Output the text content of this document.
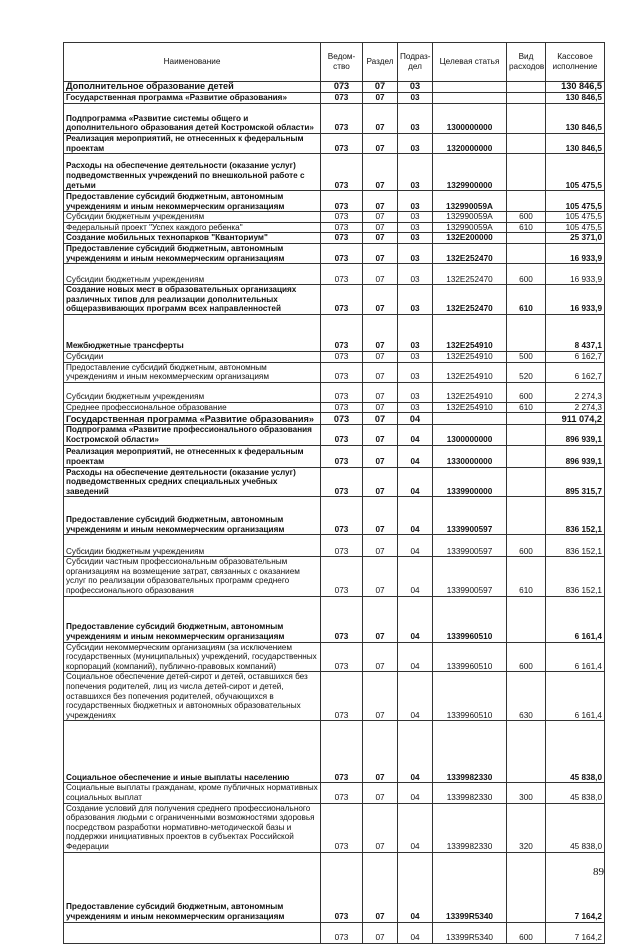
Наименование	Ведом-ство	Раздел	Подраз-дел	Целевая статья	Вид расходов	Кассовое исполнение
Дополнительное образование детей	073	07	03			130 846,5
Государственная программа «Развитие образования»	073	07	03			130 846,5
Подпрограмма «Развитие системы общего и дополнительного образования детей Костромской области»	073	07	03	1300000000		130 846,5
Реализация мероприятий, не отнесенных к федеральным проектам	073	07	03	1320000000		130 846,5
Расходы на обеспечение деятельности (оказание услуг) подведомственных учреждений по внешкольной работе с детьми	073	07	03	1329900000		105 475,5
Предоставление субсидий бюджетным, автономным учреждениям и иным некоммерческим организациям	073	07	03	132990059А		105 475,5
Субсидии бюджетным учреждениям	073	07	03	132990059А	600	105 475,5
Федеральный проект "Успех каждого ребенка"	073	07	03	132990059А	610	105 475,5
Создание мобильных технопарков "Кванториум"	073	07	03	132E200000		25 371,0
Предоставление субсидий бюджетным, автономным учреждениям и иным некоммерческим организациям	073	07	03	132E252470		16 933,9
Субсидии бюджетным учреждениям	073	07	03	132E252470	600	16 933,9
Создание новых мест в образовательных организациях различных типов для реализации дополнительных общеразвивающих программ всех направленностей	073	07	03	132E252470	610	16 933,9
Межбюджетные трансферты	073	07	03	132E254910		8 437,1
Субсидии	073	07	03	132E254910	500	6 162,7
Предоставление субсидий бюджетным, автономным учреждениям и иным некоммерческим организациям	073	07	03	132E254910	520	6 162,7
Субсидии бюджетным учреждениям	073	07	03	132E254910	600	2 274,3
Среднее профессиональное образование	073	07	03	132E254910	610	2 274,3
Государственная программа «Развитие образования»	073	07	04			911 074,2
Подпрограмма «Развитие профессионального образования Костромской области»	073	07	04	1300000000		896 939,1
Реализация мероприятий, не отнесенных к федеральным проектам	073	07	04	1330000000		896 939,1
Расходы на обеспечение деятельности (оказание услуг) подведомственных средних специальных учебных заведений	073	07	04	1339900000		895 315,7
Предоставление субсидий бюджетным, автономным учреждениям и иным некоммерческим организациям	073	07	04	1339900597		836 152,1
Субсидии бюджетным учреждениям	073	07	04	1339900597	600	836 152,1
Субсидии частным профессиональным образовательным организациям на возмещение затрат, связанных с оказанием услуг по реализации образовательных программ среднего профессионального образования	073	07	04	1339900597	610	836 152,1
Предоставление субсидий бюджетным, автономным учреждениям и иным некоммерческим организациям	073	07	04	1339960510		6 161,4
Субсидии некоммерческим организациям (за исключением государственных (муниципальных) учреждений, государственных корпораций (компаний), публично-правовых компаний)	073	07	04	1339960510	600	6 161,4
Социальное обеспечение детей-сирот и детей, оставшихся без попечения родителей, лиц из числа детей-сирот и детей, оставшихся без попечения родителей, обучающихся в государственных бюджетных и автономных образовательных учреждениях	073	07	04	1339960510	630	6 161,4
Социальное обеспечение и иные выплаты населению	073	07	04	1339982330		45 838,0
Социальные выплаты гражданам, кроме публичных нормативных социальных выплат	073	07	04	1339982330	300	45 838,0
Создание условий для получения среднего профессионального образования людьми с ограниченными возможностями здоровья посредством разработки нормативно-методической базы и поддержки инициативных проектов в субъектах Российской Федерации	073	07	04	1339982330	320	45 838,0
Предоставление субсидий бюджетным, автономным учреждениям и иным некоммерческим организациям	073	07	04	13399R5340		7 164,2
	073	07	04	13399R5340	600	7 164,2
89
